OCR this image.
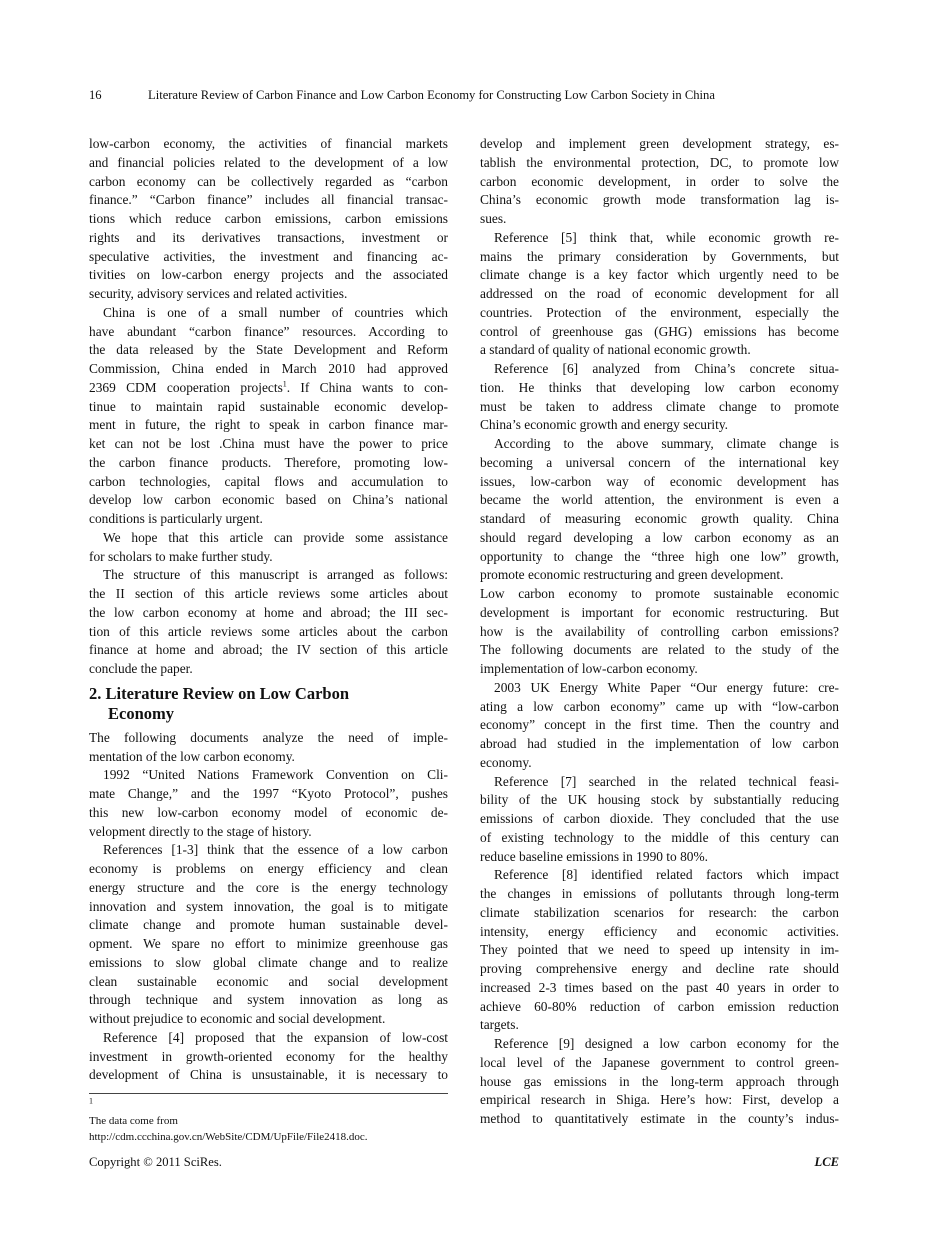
16	Literature Review of Carbon Finance and Low Carbon Economy for Constructing Low Carbon Society in China
low-carbon economy, the activities of financial markets
and financial policies related to the development of a low
carbon economy can be collectively regarded as “carbon
finance.” “Carbon finance” includes all financial transac-
tions which reduce carbon emissions, carbon emissions
rights and its derivatives transactions, investment or
speculative activities, the investment and financing ac-
tivities on low-carbon energy projects and the associated
security, advisory services and related activities.
China is one of a small number of countries which
have abundant “carbon finance” resources. According to
the data released by the State Development and Reform
Commission, China ended in March 2010 had approved
2369 CDM cooperation projects$^1$. If China wants to con-
tinue to maintain rapid sustainable economic develop-
ment in future, the right to speak in carbon finance mar-
ket can not be lost .China must have the power to price
the carbon finance products. Therefore, promoting low-
carbon technologies, capital flows and accumulation to
develop low carbon economic based on China’s national
conditions is particularly urgent.
We hope that this article can provide some assistance
for scholars to make further study.
The structure of this manuscript is arranged as follows:
the II section of this article reviews some articles about
the low carbon economy at home and abroad; the III sec-
tion of this article reviews some articles about the carbon
finance at home and abroad; the IV section of this article
conclude the paper.
2. Literature Review on Low Carbon
Economy
The following documents analyze the need of imple-
mentation of the low carbon economy.
1992 “United Nations Framework Convention on Cli-
mate Change,” and the 1997 “Kyoto Protocol”, pushes
this new low-carbon economy model of economic de-
velopment directly to the stage of history.
References [1-3] think that the essence of a low carbon
economy is problems on energy efficiency and clean
energy structure and the core is the energy technology
innovation and system innovation, the goal is to mitigate
climate change and promote human sustainable devel-
opment. We spare no effort to minimize greenhouse gas
emissions to slow global climate change and to realize
clean sustainable economic and social development
through technique and system innovation as long as
without prejudice to economic and social development.
Reference [4] proposed that the expansion of low-cost
investment in growth-oriented economy for the healthy
development of China is unsustainable, it is necessary to
$^1$
The data come from
http://cdm.ccchina.gov.cn/WebSite/CDM/UpFile/File2418.doc.
develop and implement green development strategy, es-
tablish the environmental protection, DC, to promote low
carbon economic development, in order to solve the
China’s economic growth mode transformation lag is-
sues.
Reference [5] think that, while economic growth re-
mains the primary consideration by Governments, but
climate change is a key factor which urgently need to be
addressed on the road of economic development for all
countries. Protection of the environment, especially the
control of greenhouse gas (GHG) emissions has become
a standard of quality of national economic growth.
Reference [6] analyzed from China’s concrete situa-
tion. He thinks that developing low carbon economy
must be taken to address climate change to promote
China’s economic growth and energy security.
According to the above summary, climate change is
becoming a universal concern of the international key
issues, low-carbon way of economic development has
became the world attention, the environment is even a
standard of measuring economic growth quality. China
should regard developing a low carbon economy as an
opportunity to change the “three high one low” growth,
promote economic restructuring and green development.
Low carbon economy to promote sustainable economic
development is important for economic restructuring. But
how is the availability of controlling carbon emissions?
The following documents are related to the study of the
implementation of low-carbon economy.
2003 UK Energy White Paper “Our energy future: cre-
ating a low carbon economy” came up with “low-carbon
economy” concept in the first time. Then the country and
abroad had studied in the implementation of low carbon
economy.
Reference [7] searched in the related technical feasi-
bility of the UK housing stock by substantially reducing
emissions of carbon dioxide. They concluded that the use
of existing technology to the middle of this century can
reduce baseline emissions in 1990 to 80%.
Reference [8] identified related factors which impact
the changes in emissions of pollutants through long-term
climate stabilization scenarios for research: the carbon
intensity, energy efficiency and economic activities.
They pointed that we need to speed up intensity in im-
proving comprehensive energy and decline rate should
increased 2-3 times based on the past 40 years in order to
achieve 60-80% reduction of carbon emission reduction
targets.
Reference [9] designed a low carbon economy for the
local level of the Japanese government to control green-
house gas emissions in the long-term approach through
empirical research in Shiga. Here’s how: First, develop a
method to quantitatively estimate in the county’s indus-
Copyright © 2011 SciRes.	LCE
